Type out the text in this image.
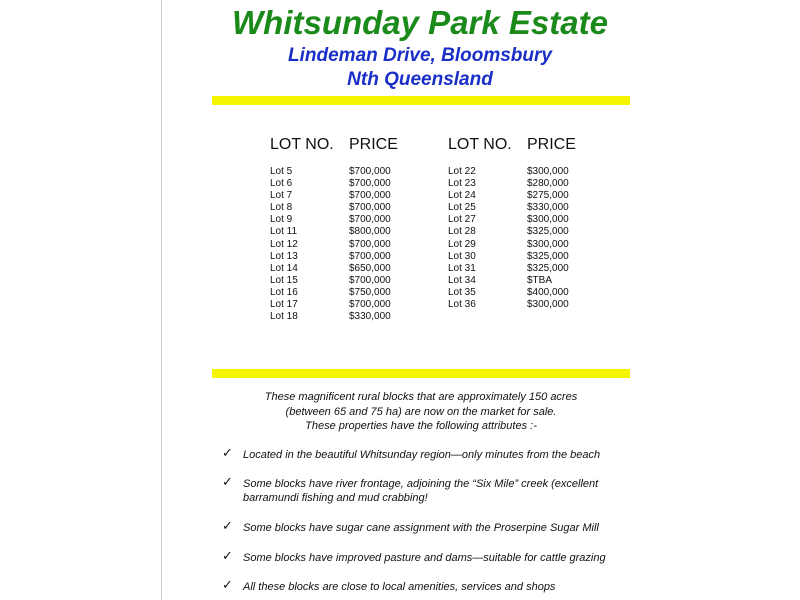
Whitsunday Park Estate
Lindeman Drive, Bloomsbury
Nth Queensland
LOT NO. PRICE
Lot 5	$700,000
Lot 6	$700,000
Lot 7	$700,000
Lot 8	$700,000
Lot 9	$700,000
Lot 11	$800,000
Lot 12	$700,000
Lot 13	$700,000
Lot 14	$650,000
Lot 15	$700,000
Lot 16	$750,000
Lot 17	$700,000
Lot 18	$330,000
LOT NO. PRICE
Lot 22	$300,000
Lot 23	$280,000
Lot 24	$275,000
Lot 25	$330,000
Lot 27	$300,000
Lot 28	$325,000
Lot 29	$300,000
Lot 30	$325,000
Lot 31	$325,000
Lot 34	$TBA
Lot 35	$400,000
Lot 36	$300,000
These magnificent rural blocks that are approximately 150 acres
(between 65 and 75 ha) are now on the market for sale.
These properties have the following attributes :-
✓ Located in the beautiful Whitsunday region—only minutes from the beach
✓ Some blocks have river frontage, adjoining the “Six Mile” creek (excellent barramundi fishing and mud crabbing!
✓ Some blocks have sugar cane assignment with the Proserpine Sugar Mill
✓ Some blocks have improved pasture and dams—suitable for cattle grazing
✓ All these blocks are close to local amenities, services and shops
